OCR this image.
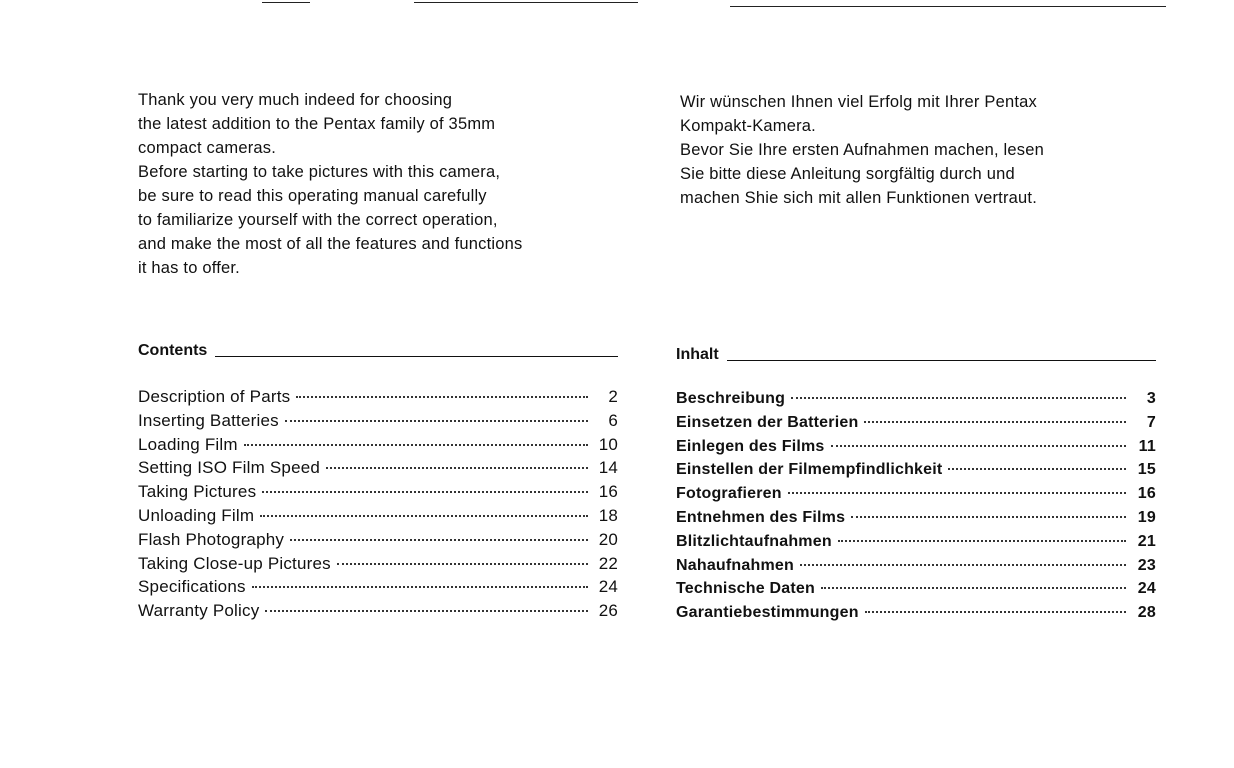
Thank you very much indeed for choosing

the latest addition to the Pentax family of 35mm

compact cameras.

Before starting to take pictures with this camera,

be sure to read this operating manual carefully

to familiarize yourself with the correct operation,

and make the most of all the features and functions

it has to offer.

Contents
Description of Parts	2
Inserting Batteries	6
Loading Film	10
Setting ISO Film Speed	14
Taking Pictures	16
Unloading Film	18
Flash Photography	20
Taking Close-up Pictures	22
Specifications	24
Warranty Policy	26

Wir wünschen Ihnen viel Erfolg mit Ihrer Pentax

Kompakt-Kamera.

Bevor Sie Ihre ersten Aufnahmen machen, lesen

Sie bitte diese Anleitung sorgfältig durch und

machen Shie sich mit allen Funktionen vertraut.

Inhalt
Beschreibung	3
Einsetzen der Batterien	7
Einlegen des Films	11
Einstellen der Filmempfindlichkeit	15
Fotografieren	16
Entnehmen des Films	19
Blitzlichtaufnahmen	21
Nahaufnahmen	23
Technische Daten	24
Garantiebestimmungen	28
